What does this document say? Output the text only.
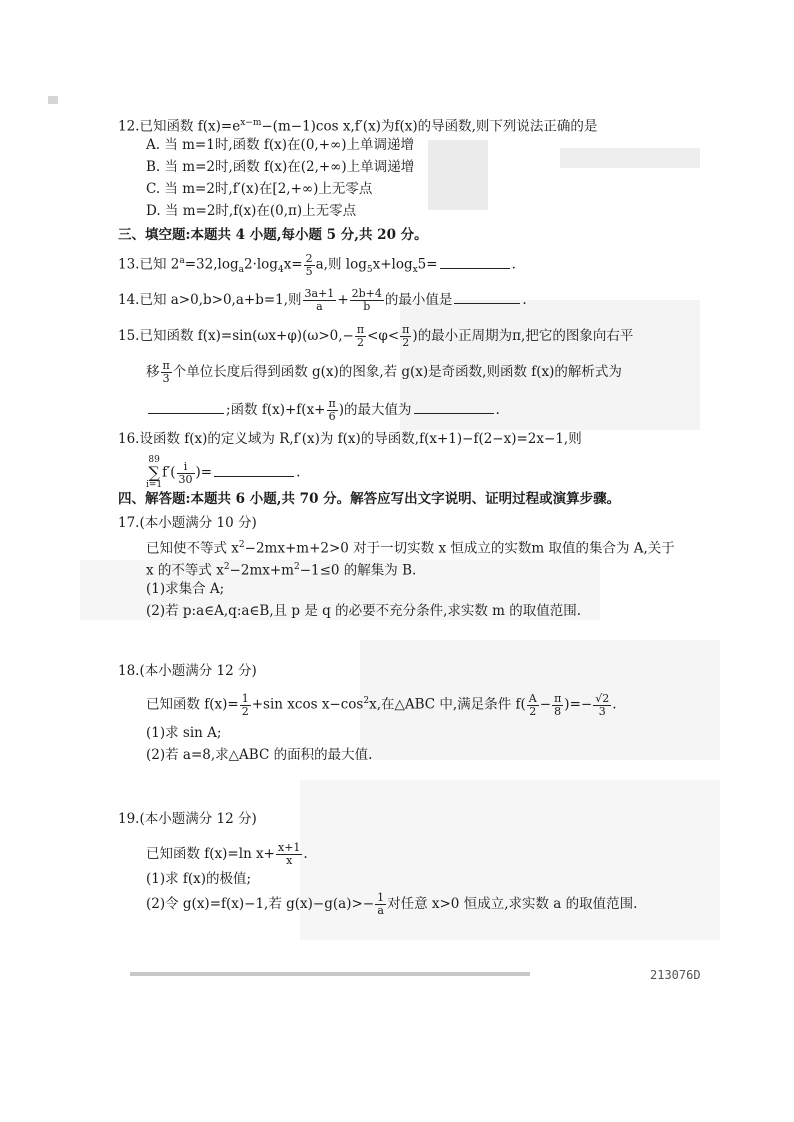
12.已知函数 $f(x)=e^{x-m}-(m-1)\cos$ x,f′(x)为f(x)的导函数,则下列说法正确的是
A. 当 m=1时,函数 f(x)在(0,+∞)上单调递增
B. 当 m=2时,函数 f(x)在(2,+∞)上单调递增
C. 当 m=2时,f′(x)在[2,+∞)上无零点
D. 当 m=2时,f(x)在(0,π)上无零点
三、填空题:本题共 4 小题,每小题 5 分,共 20 分。
13.已知 $2^a=32,\log_a2\cdot\log_4x= \frac{2}{5} a$,则 $\log_5x+\log_x5=$	.
14.已知 a>0,b>0,a+b=1,则 $\frac{3a+1}{a} + \frac{2b+4}{b}$ 的最小值是	.
15.已知函数 $f(x)=\sin(\omega x+\varphi)(\omega>0,- \frac{\pi}{2} <\varphi< \frac{\pi}{2}$ )的最小正周期为π,把它的图象向右平
移 $\frac{\pi}{3}$ 个单位长度后得到函数 g(x)的图象,若 g(x)是奇函数,则函数 f(x)的解析式为
;函数 $f(x)+f(x+ \frac{\pi}{6}$ )的最大值为	.
16.设函数 f(x)的定义域为 R,f′(x)为 f(x)的导函数,f(x+1)−f(2−x)=2x−1,则
89
∑
i=1
$f'( \frac{i}{30}$ )=	.
四、解答题:本题共 6 小题,共 70 分。解答应写出文字说明、证明过程或演算步骤。
17.(本小题满分 10 分)
已知使不等式 $x^2-2mx+m+2>0$ 对于一切实数 x 恒成立的实数m 取值的集合为 A,关于
x 的不等式 $x^2-2mx+m^2-1\le 0$ 的解集为 B.
(1)求集合 A;
(2)若 p:a∈A,q:a∈B,且 p 是 q 的必要不充分条件,求实数 m 的取值范围.
18.(本小题满分 12 分)
已知函数 $f(x)= \frac{1}{2} +\sin$ xcos $x-\cos^2x$,在△ABC 中,满足条件 $f( \frac{A}{2} - \frac{\pi}{8}$ )=− $\frac{√2}{3}$ .
(1)求 sin A;
(2)若 a=8,求△ABC 的面积的最大值.
19.(本小题满分 12 分)
已知函数 f(x)=ln $x+ \frac{x+1}{x}$ .
(1)求 f(x)的极值;
(2)令 g(x)=f(x)−1,若 $g(x)-g(a)>- \frac{1}{a}$ 对任意 x>0 恒成立,求实数 a 的取值范围.
213076D
